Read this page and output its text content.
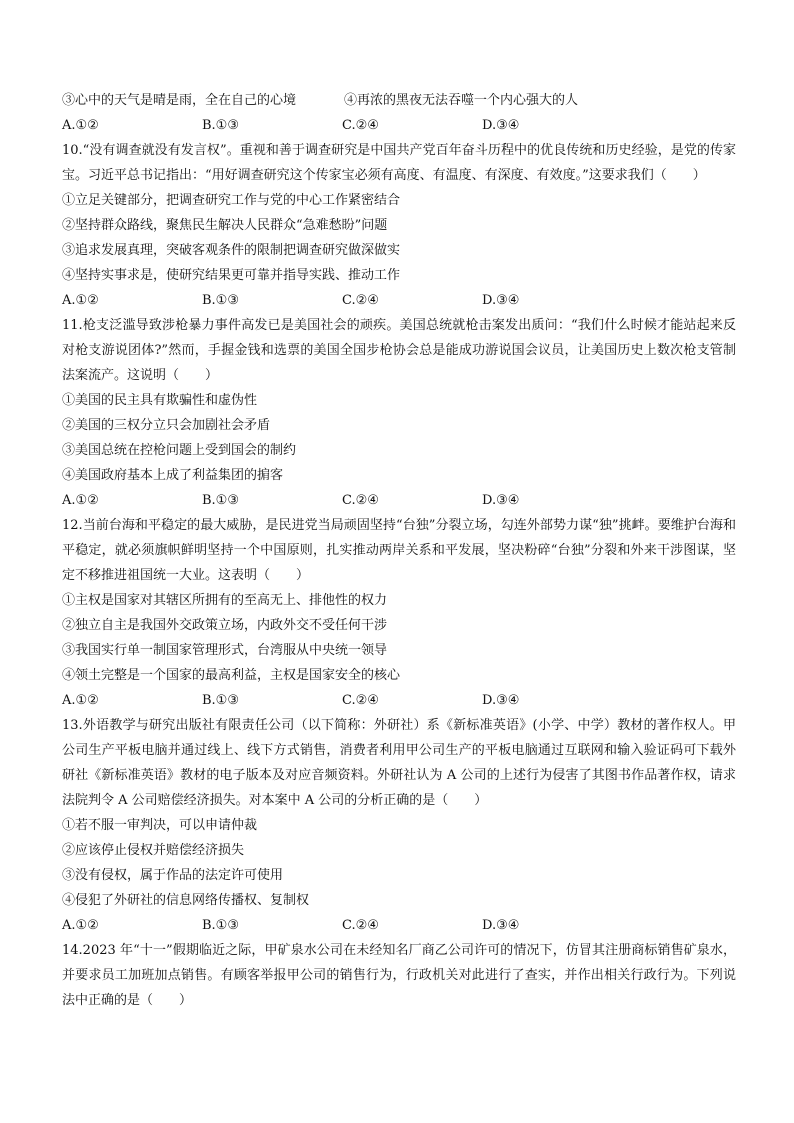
③心中的天气是晴是雨，全在自己的心境	④再浓的黑夜无法吞噬一个内心强大的人
A.①②	B.①③	C.②④	D.③④
10.“没有调查就没有发言权”。重视和善于调查研究是中国共产党百年奋斗历程中的优良传统和历史经验，是党的传家宝。习近平总书记指出：“用好调查研究这个传家宝必须有高度、有温度、有深度、有效度。”这要求我们（　　）
①立足关键部分，把调查研究工作与党的中心工作紧密结合
②坚持群众路线，聚焦民生解决人民群众“急难愁盼”问题
③追求发展真理，突破客观条件的限制把调查研究做深做实
④坚持实事求是，使研究结果更可靠并指导实践、推动工作
A.①②	B.①③	C.②④	D.③④
11.枪支泛滥导致涉枪暴力事件高发已是美国社会的顽疾。美国总统就枪击案发出质问：“我们什么时候才能站起来反对枪支游说团体?”然而，手握金钱和选票的美国全国步枪协会总是能成功游说国会议员，让美国历史上数次枪支管制法案流产。这说明（　　）
①美国的民主具有欺骗性和虚伪性
②美国的三权分立只会加剧社会矛盾
③美国总统在控枪问题上受到国会的制约
④美国政府基本上成了利益集团的掮客
A.①②	B.①③	C.②④	D.③④
12.当前台海和平稳定的最大威胁，是民进党当局顽固坚持“台独”分裂立场，勾连外部势力谋“独”挑衅。要维护台海和平稳定，就必须旗帜鲜明坚持一个中国原则，扎实推动两岸关系和平发展，坚决粉碎“台独”分裂和外来干涉图谋，坚定不移推进祖国统一大业。这表明（　　）
①主权是国家对其辖区所拥有的至高无上、排他性的权力
②独立自主是我国外交政策立场，内政外交不受任何干涉
③我国实行单一制国家管理形式，台湾服从中央统一领导
④领土完整是一个国家的最高利益，主权是国家安全的核心
A.①②	B.①③	C.②④	D.③④
13.外语教学与研究出版社有限责任公司（以下简称：外研社）系《新标准英语》(小学、中学）教材的著作权人。甲公司生产平板电脑并通过线上、线下方式销售，消费者利用甲公司生产的平板电脑通过互联网和输入验证码可下载外研社《新标准英语》教材的电子版本及对应音频资料。外研社认为 A 公司的上述行为侵害了其图书作品著作权，请求法院判令 A 公司赔偿经济损失。对本案中 A 公司的分析正确的是（　　）
①若不服一审判决，可以申请仲裁
②应该停止侵权并赔偿经济损失
③没有侵权，属于作品的法定许可使用
④侵犯了外研社的信息网络传播权、复制权
A.①②	B.①③	C.②④	D.③④
14.2023 年“十一”假期临近之际，甲矿泉水公司在未经知名厂商乙公司许可的情况下，仿冒其注册商标销售矿泉水，并要求员工加班加点销售。有顾客举报甲公司的销售行为，行政机关对此进行了查实，并作出相关行政行为。下列说法中正确的是（　　）
